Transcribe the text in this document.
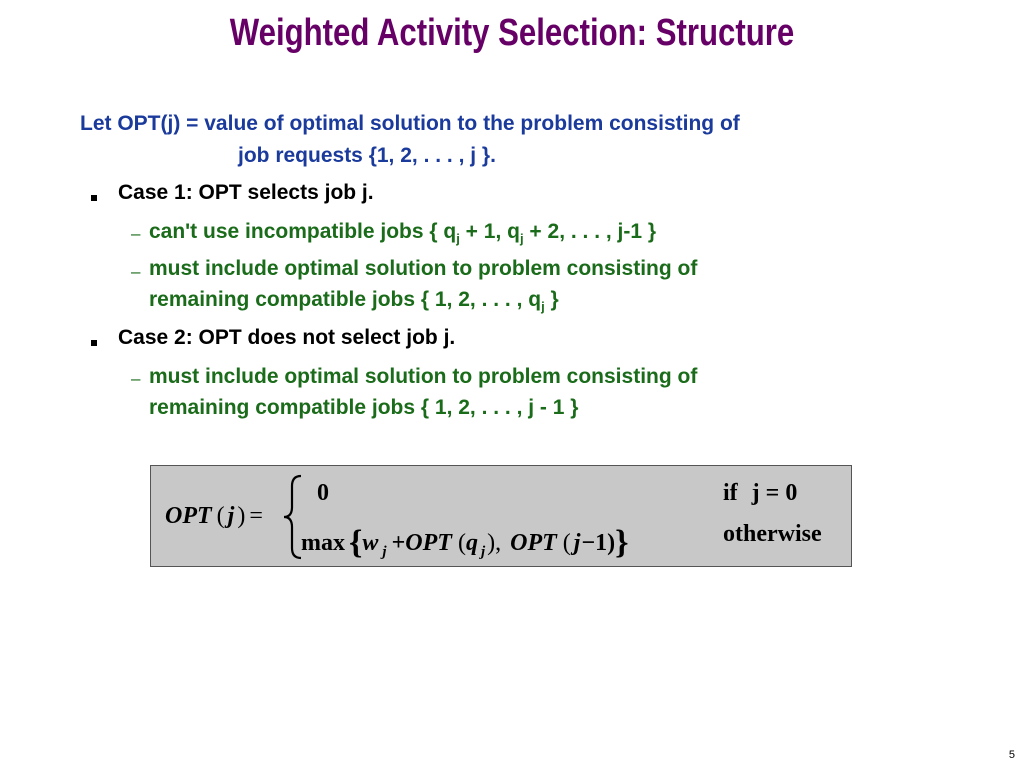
Weighted Activity Selection: Structure
Let OPT(j) = value of optimal solution to the problem consisting of
job requests {1, 2, . . . , j }.
Case 1: OPT selects job j.
– can't use incompatible jobs { $q_j + 1$, $q_j + 2$, . . . , j-1 }
– must include optimal solution to problem consisting of
remaining compatible jobs { 1, 2, . . . , $q_j$ }
Case 2: OPT does not select job j.
– must include optimal solution to problem consisting of
remaining compatible jobs { 1, 2, . . . , j - 1 }
OPT ( j ) =
0	if j = 0
max {w $_j$ +OPT (q $_j$), OPT ( j−1)}	otherwise
5
